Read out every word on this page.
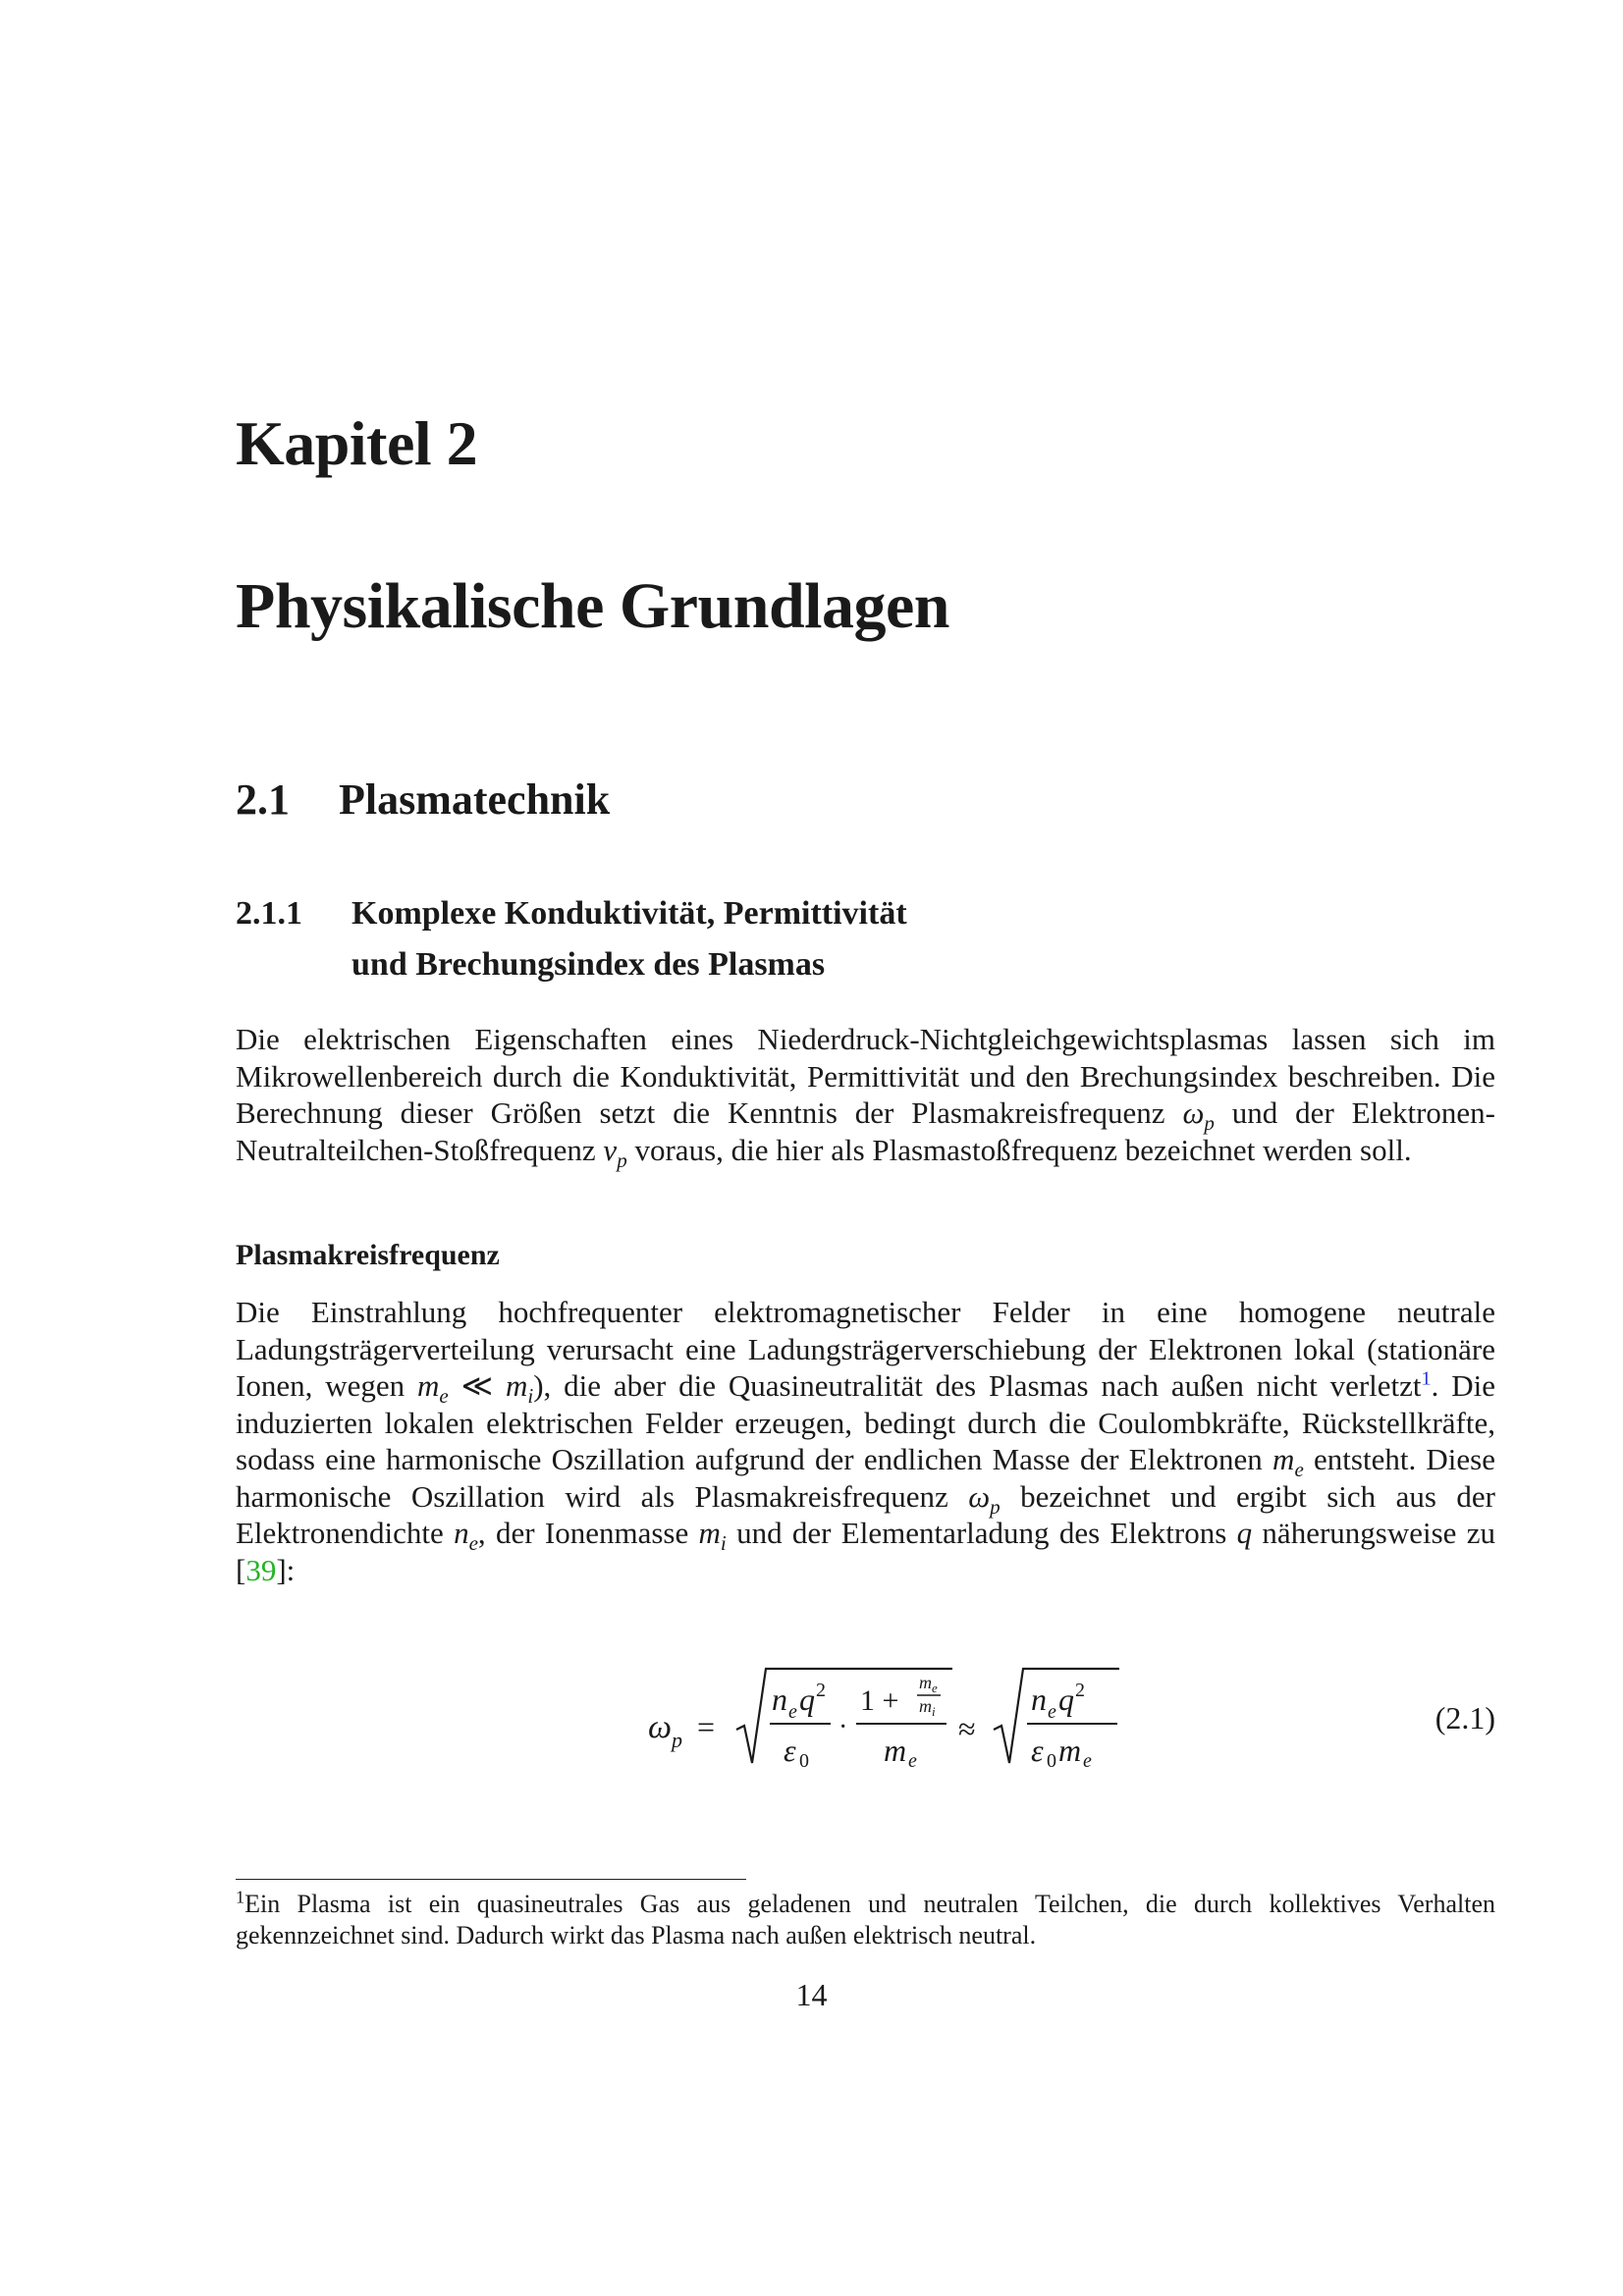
Kapitel 2
Physikalische Grundlagen
2.1 Plasmatechnik
2.1.1	Komplexe Konduktivität, Permittivität
und Brechungsindex des Plasmas

Die elektrischen Eigenschaften eines Niederdruck-Nichtgleichgewichtsplasmas lassen sich im Mikrowellenbereich durch die Konduktivität, Permittivität und den Brechungsindex beschreiben. Die Berechnung dieser Größen setzt die Kenntnis der Plasmakreisfrequenz $\omega_p$ und der Elektronen-Neutralteilchen-Stoßfrequenz $\nu_p$ voraus, die hier als Plasmastoßfrequenz bezeichnet werden soll.

Plasmakreisfrequenz

Die Einstrahlung hochfrequenter elektromagnetischer Felder in eine homogene neutrale Ladungsträgerverteilung verursacht eine Ladungsträgerverschiebung der Elektronen lokal (stationäre Ionen, wegen $m_e$ ≪ $m_i$), die aber die Quasineutralität des Plasmas nach außen nicht verletzt$^1$. Die induzierten lokalen elektrischen Felder erzeugen, bedingt durch die Coulombkräfte, Rückstellkräfte, sodass eine harmonische Oszillation aufgrund der endlichen Masse der Elektronen $m_e$ entsteht. Diese harmonische Oszillation wird als Plasmakreisfrequenz $\omega_p$ bezeichnet und ergibt sich aus der Elektronendichte $n_e$, der Ionenmasse $m_i$ und der Elementarladung des Elektrons q näherungsweise zu [39]:

ω p =
n e q 2
ε 0
·
1 +
m e
m i
m e
≈
n e q 2
ε 0 m e
(2.1)

$^1$Ein Plasma ist ein quasineutrales Gas aus geladenen und neutralen Teilchen, die durch kollektives Verhalten gekennzeichnet sind. Dadurch wirkt das Plasma nach außen elektrisch neutral.

14
